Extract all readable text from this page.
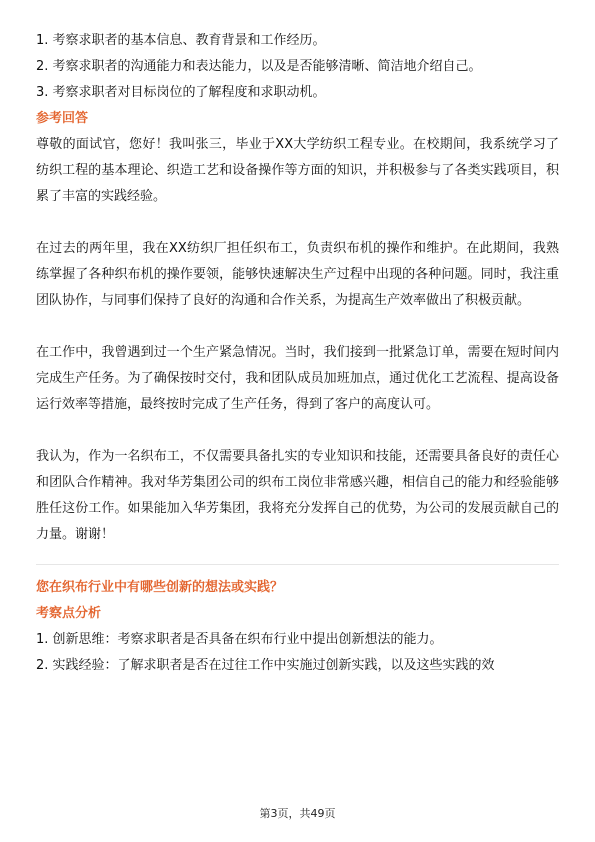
1. 考察求职者的基本信息、教育背景和工作经历。

2. 考察求职者的沟通能力和表达能力，以及是否能够清晰、简洁地介绍自己。

3. 考察求职者对目标岗位的了解程度和求职动机。

参考回答

尊敬的面试官，您好！我叫张三，毕业于XX大学纺织工程专业。在校期间，我系统学习了纺织工程的基本理论、织造工艺和设备操作等方面的知识，并积极参与了各类实践项目，积累了丰富的实践经验。

在过去的两年里，我在XX纺织厂担任织布工，负责织布机的操作和维护。在此期间，我熟练掌握了各种织布机的操作要领，能够快速解决生产过程中出现的各种问题。同时，我注重团队协作，与同事们保持了良好的沟通和合作关系，为提高生产效率做出了积极贡献。

在工作中，我曾遇到过一个生产紧急情况。当时，我们接到一批紧急订单，需要在短时间内完成生产任务。为了确保按时交付，我和团队成员加班加点，通过优化工艺流程、提高设备运行效率等措施，最终按时完成了生产任务，得到了客户的高度认可。

我认为，作为一名织布工，不仅需要具备扎实的专业知识和技能，还需要具备良好的责任心和团队合作精神。我对华芳集团公司的织布工岗位非常感兴趣，相信自己的能力和经验能够胜任这份工作。如果能加入华芳集团，我将充分发挥自己的优势，为公司的发展贡献自己的力量。谢谢！

您在织布行业中有哪些创新的想法或实践？

考察点分析

1. 创新思维：考察求职者是否具备在织布行业中提出创新想法的能力。

2. 实践经验：了解求职者是否在过往工作中实施过创新实践，以及这些实践的效

第3页，共49页
